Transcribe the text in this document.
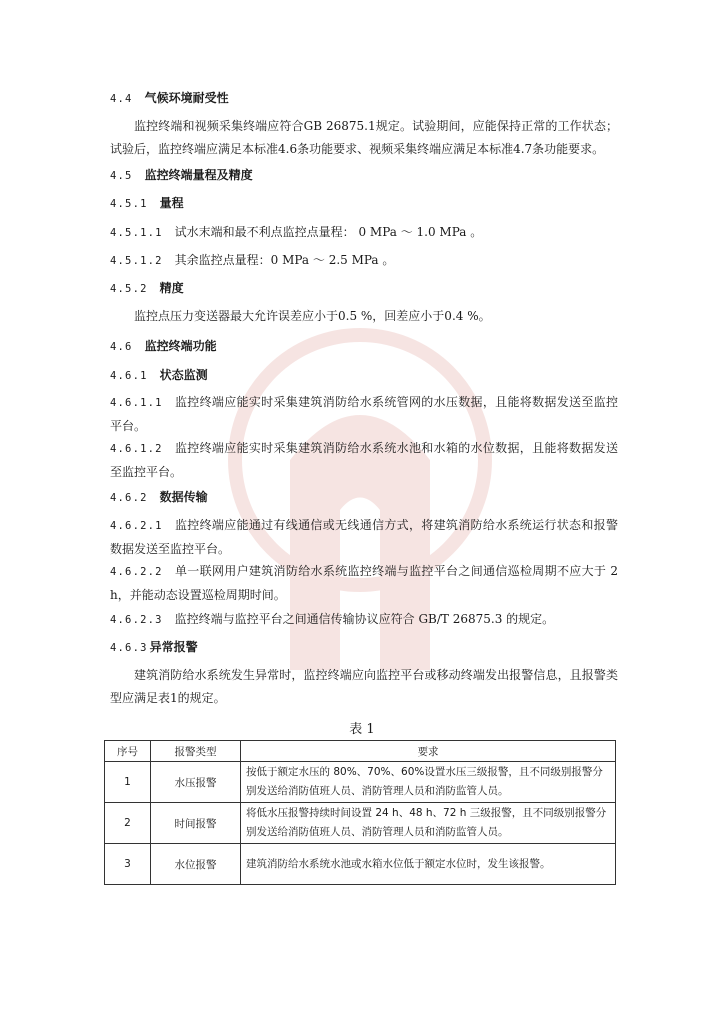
4.4 气候环境耐受性
监控终端和视频采集终端应符合GB 26875.1规定。试验期间，应能保持正常的工作状态；试验后，监控终端应满足本标准4.6条功能要求、视频采集终端应满足本标准4.7条功能要求。
4.5 监控终端量程及精度
4.5.1 量程
4.5.1.1 试水末端和最不利点监控点量程： 0 MPa ～ 1.0 MPa 。
4.5.1.2 其余监控点量程：0 MPa ～ 2.5 MPa 。
4.5.2 精度
监控点压力变送器最大允许误差应小于0.5 %，回差应小于0.4 %。
4.6 监控终端功能
4.6.1 状态监测
4.6.1.1 监控终端应能实时采集建筑消防给水系统管网的水压数据，且能将数据发送至监控平台。
4.6.1.2 监控终端应能实时采集建筑消防给水系统水池和水箱的水位数据，且能将数据发送至监控平台。
4.6.2 数据传输
4.6.2.1 监控终端应能通过有线通信或无线通信方式，将建筑消防给水系统运行状态和报警数据发送至监控平台。
4.6.2.2 单一联网用户建筑消防给水系统监控终端与监控平台之间通信巡检周期不应大于 2 h，并能动态设置巡检周期时间。
4.6.2.3 监控终端与监控平台之间通信传输协议应符合 GB/T 26875.3 的规定。
4.6.3 异常报警
建筑消防给水系统发生异常时，监控终端应向监控平台或移动终端发出报警信息，且报警类型应满足表1的规定。
表 1
序号	报警类型	要求
1	水压报警	按低于额定水压的 80%、70%、60%设置水压三级报警，且不同级别报警分别发送给消防值班人员、消防管理人员和消防监管人员。
2	时间报警	将低水压报警持续时间设置 24 h、48 h、72 h 三级报警，且不同级别报警分别发送给消防值班人员、消防管理人员和消防监管人员。
3	水位报警	建筑消防给水系统水池或水箱水位低于额定水位时，发生该报警。
